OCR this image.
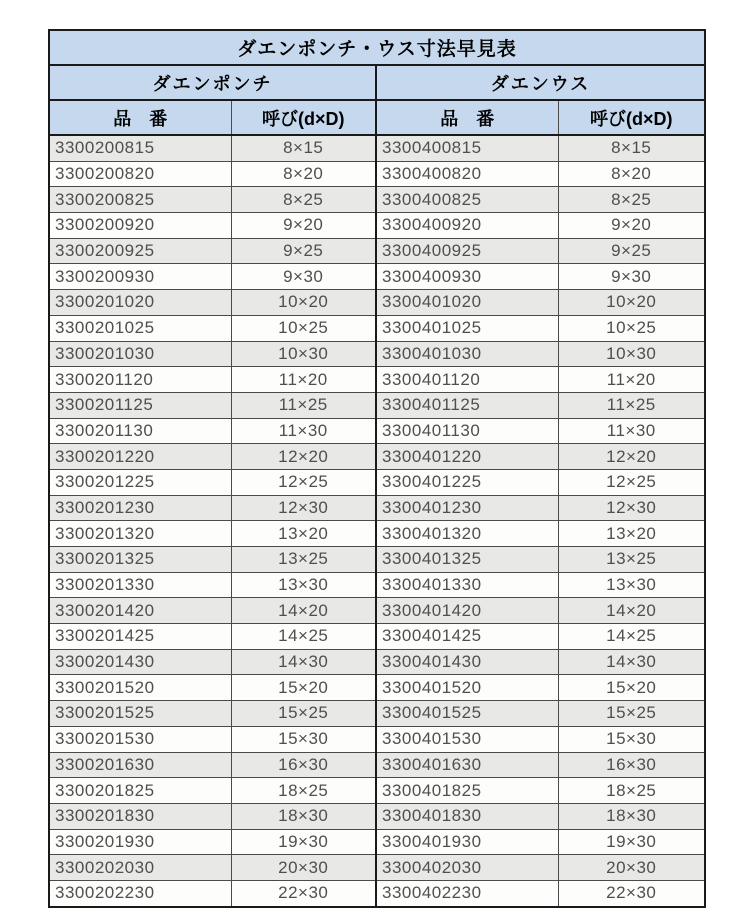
ダエンポンチ・ウス寸法早見表			
ダエンポンチ		ダエンウス	
品　番	呼び(d×D)	品　番	呼び(d×D)
3300200815	8×15	3300400815	8×15
3300200820	8×20	3300400820	8×20
3300200825	8×25	3300400825	8×25
3300200920	9×20	3300400920	9×20
3300200925	9×25	3300400925	9×25
3300200930	9×30	3300400930	9×30
3300201020	10×20	3300401020	10×20
3300201025	10×25	3300401025	10×25
3300201030	10×30	3300401030	10×30
3300201120	11×20	3300401120	11×20
3300201125	11×25	3300401125	11×25
3300201130	11×30	3300401130	11×30
3300201220	12×20	3300401220	12×20
3300201225	12×25	3300401225	12×25
3300201230	12×30	3300401230	12×30
3300201320	13×20	3300401320	13×20
3300201325	13×25	3300401325	13×25
3300201330	13×30	3300401330	13×30
3300201420	14×20	3300401420	14×20
3300201425	14×25	3300401425	14×25
3300201430	14×30	3300401430	14×30
3300201520	15×20	3300401520	15×20
3300201525	15×25	3300401525	15×25
3300201530	15×30	3300401530	15×30
3300201630	16×30	3300401630	16×30
3300201825	18×25	3300401825	18×25
3300201830	18×30	3300401830	18×30
3300201930	19×30	3300401930	19×30
3300202030	20×30	3300402030	20×30
3300202230	22×30	3300402230	22×30
